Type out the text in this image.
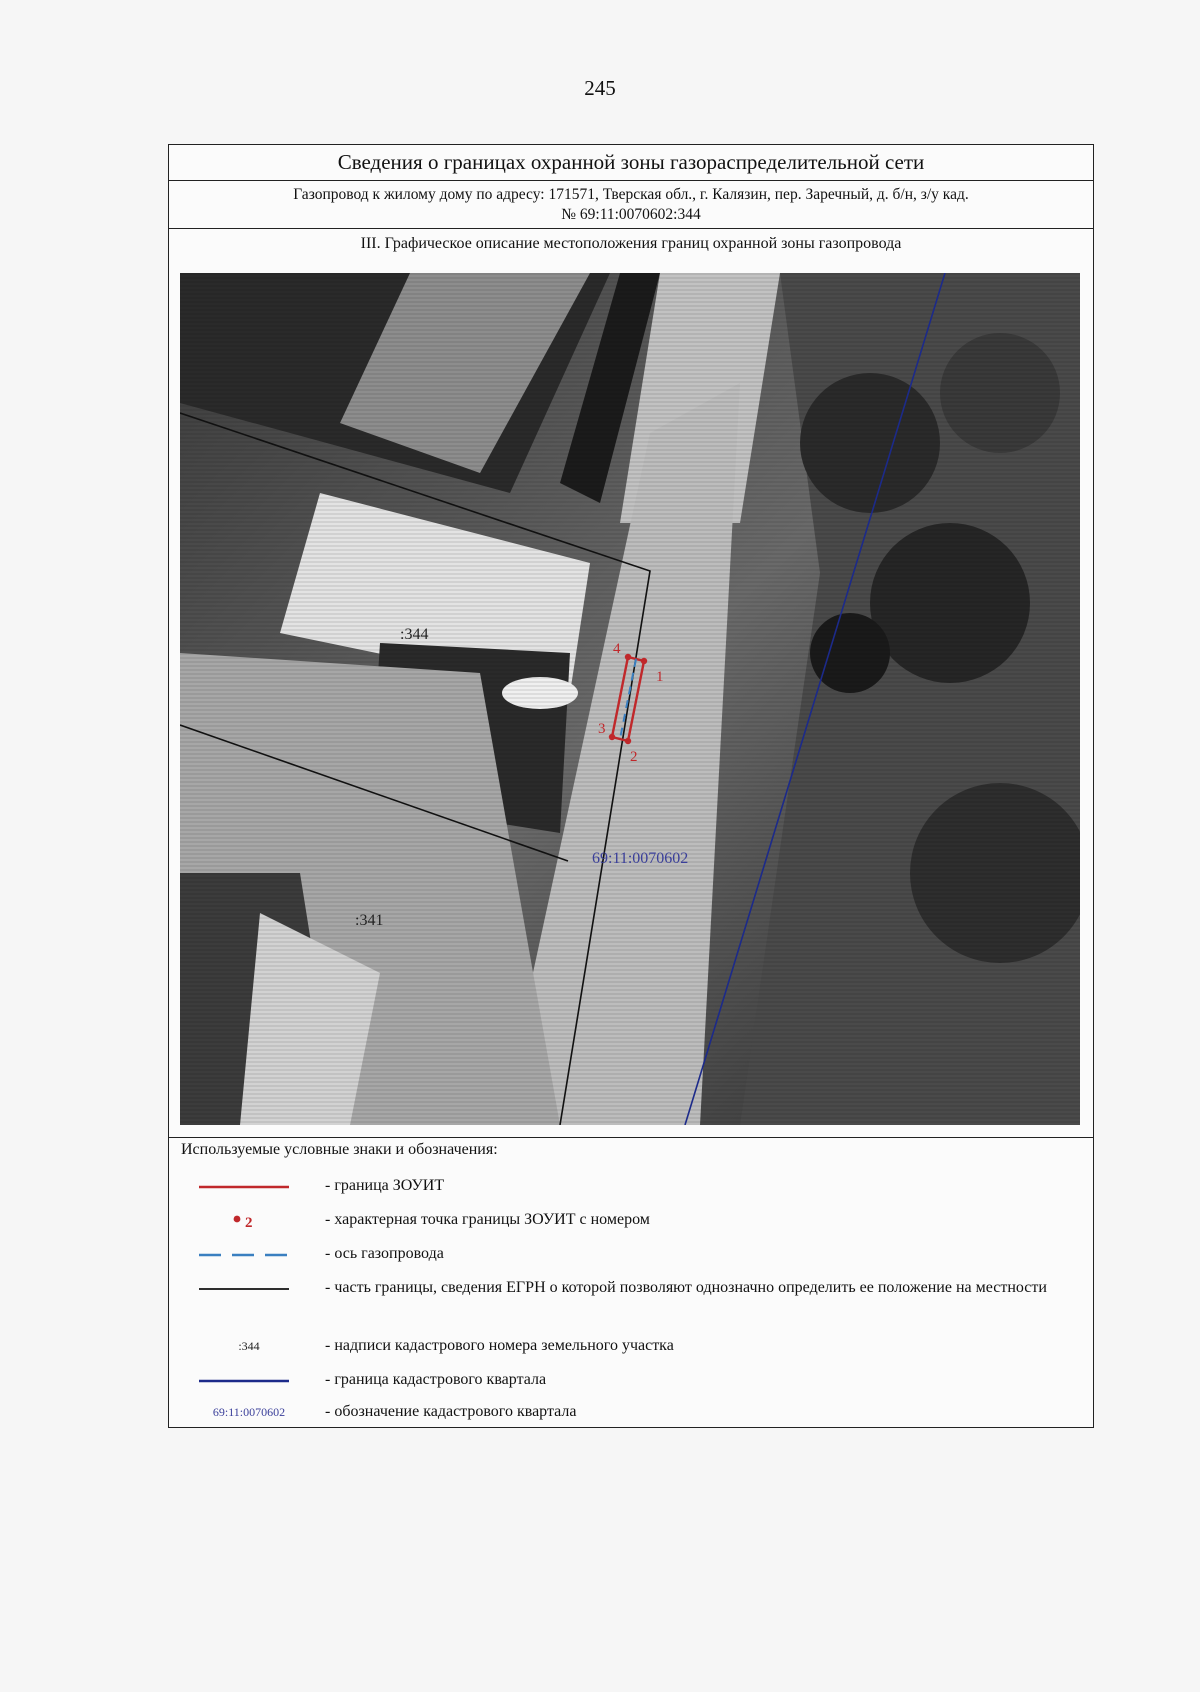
245
Сведения о границах охранной зоны газораспределительной сети
Газопровод к жилому дому по адресу: 171571, Тверская обл., г. Калязин, пер. Заречный, д. б/н, з/у кад.
№ 69:11:0070602:344
III. Графическое описание местоположения границ охранной зоны газопровода
1
2
3
4
:344
:341
69:11:0070602
Используемые условные знаки и обозначения:
- граница ЗОУИТ
2	- характерная точка границы ЗОУИТ с номером
- ось газопровода
- часть границы, сведения ЕГРН о которой позволяют однозначно определить ее положение на местности
:344	- надписи кадастрового номера земельного участка
- граница кадастрового квартала
69:11:0070602	- обозначение кадастрового квартала
